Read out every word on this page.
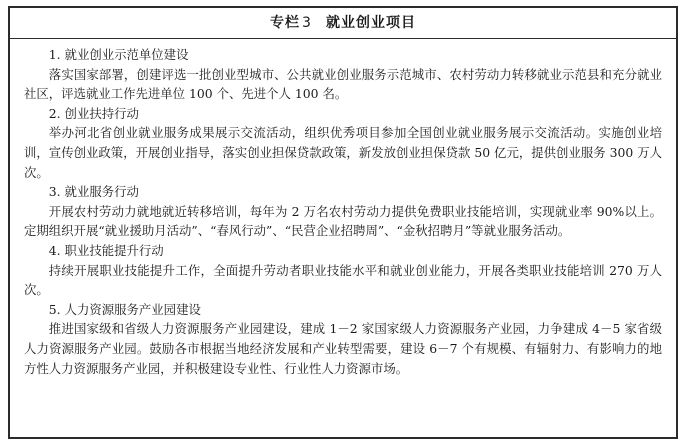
专栏 3 就业创业项目
1. 就业创业示范单位建设
落实国家部署，创建评选一批创业型城市、公共就业创业服务示范城市、农村劳动力转移就业示范县和充分就业社区，评选就业工作先进单位 100 个、先进个人 100 名。
2. 创业扶持行动
举办河北省创业就业服务成果展示交流活动，组织优秀项目参加全国创业就业服务展示交流活动。实施创业培训，宣传创业政策，开展创业指导，落实创业担保贷款政策，新发放创业担保贷款 50 亿元，提供创业服务 300 万人次。
3. 就业服务行动
开展农村劳动力就地就近转移培训，每年为 2 万名农村劳动力提供免费职业技能培训，实现就业率 90%以上。定期组织开展“就业援助月活动”、“春风行动”、“民营企业招聘周”、“金秋招聘月”等就业服务活动。
4. 职业技能提升行动
持续开展职业技能提升工作，全面提升劳动者职业技能水平和就业创业能力，开展各类职业技能培训 270 万人次。
5. 人力资源服务产业园建设
推进国家级和省级人力资源服务产业园建设，建成 1－2 家国家级人力资源服务产业园，力争建成 4－5 家省级人力资源服务产业园。鼓励各市根据当地经济发展和产业转型需要，建设 6－7 个有规模、有辐射力、有影响力的地方性人力资源服务产业园，并积极建设专业性、行业性人力资源市场。
